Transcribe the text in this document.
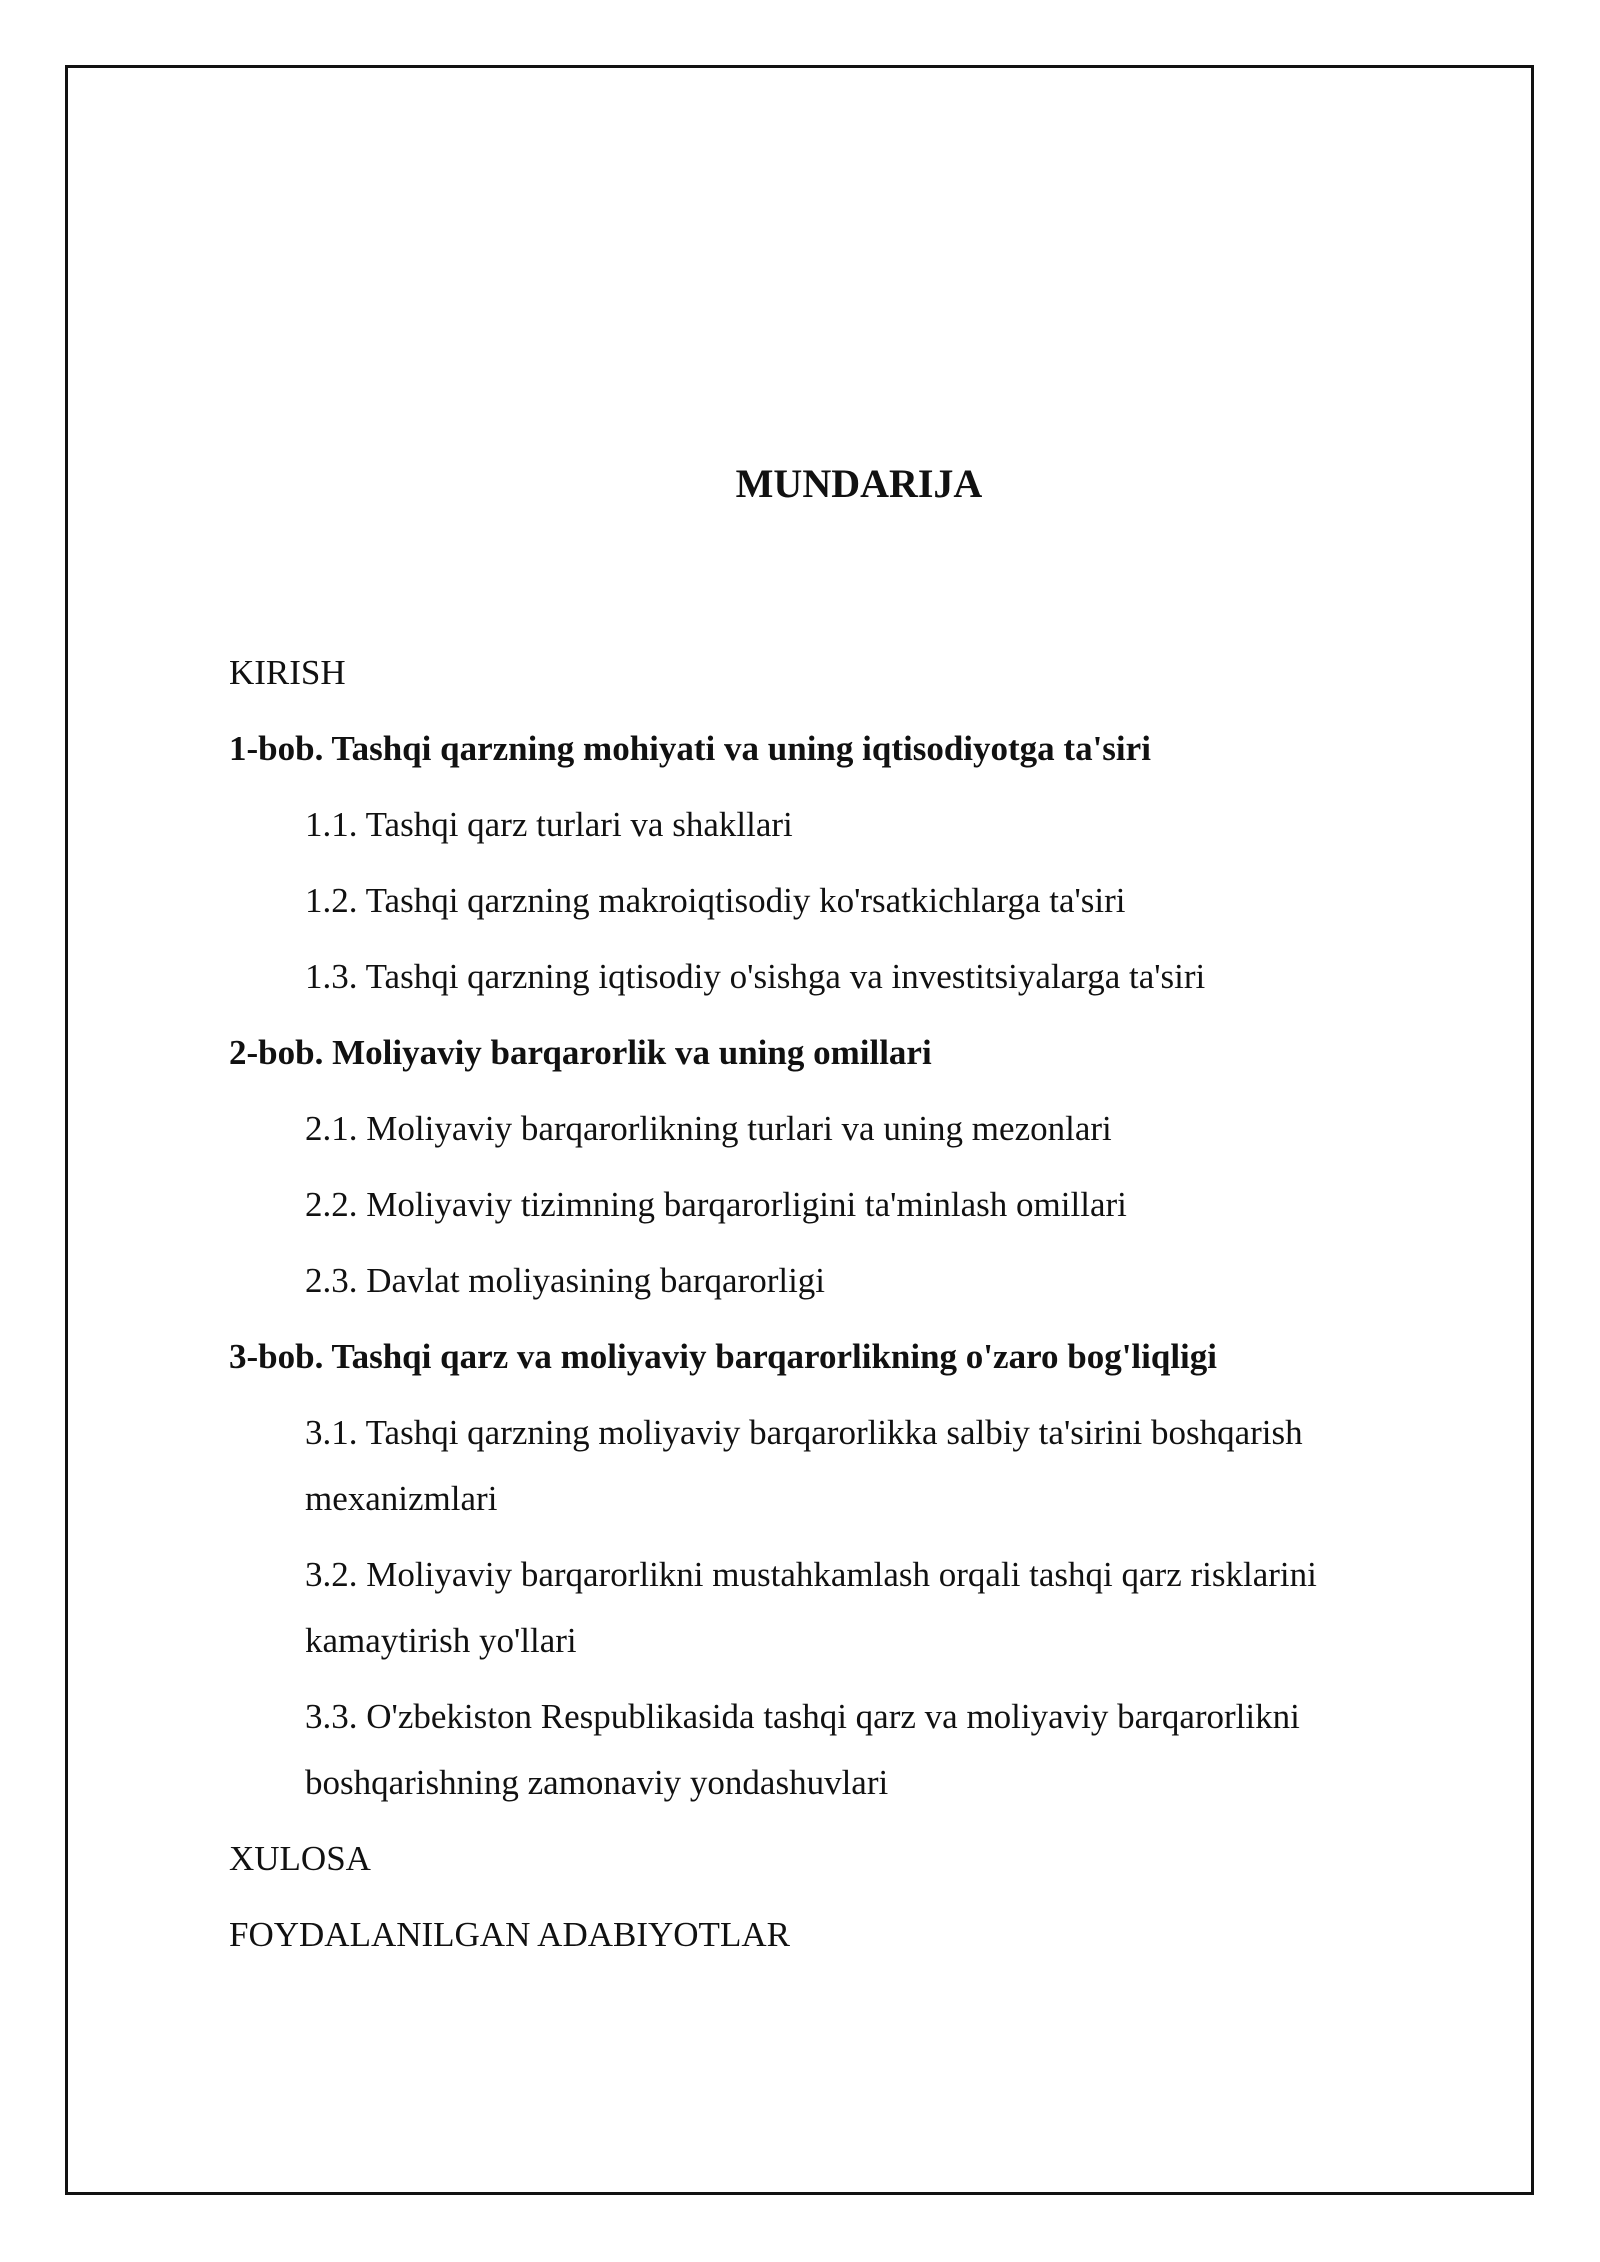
MUNDARIJA
KIRISH
1-bob. Tashqi qarzning mohiyati va uning iqtisodiyotga ta'siri
1.1. Tashqi qarz turlari va shakllari
1.2. Tashqi qarzning makroiqtisodiy ko'rsatkichlarga ta'siri
1.3. Tashqi qarzning iqtisodiy o'sishga va investitsiyalarga ta'siri
2-bob. Moliyaviy barqarorlik va uning omillari
2.1. Moliyaviy barqarorlikning turlari va uning mezonlari
2.2. Moliyaviy tizimning barqarorligini ta'minlash omillari
2.3. Davlat moliyasining barqarorligi
3-bob. Tashqi qarz va moliyaviy barqarorlikning o'zaro bog'liqligi
3.1. Tashqi qarzning moliyaviy barqarorlikka salbiy ta'sirini boshqarish mexanizmlari
3.2. Moliyaviy barqarorlikni mustahkamlash orqali tashqi qarz risklarini kamaytirish yo'llari
3.3. O'zbekiston Respublikasida tashqi qarz va moliyaviy barqarorlikni boshqarishning zamonaviy yondashuvlari
XULOSA
FOYDALANILGAN ADABIYOTLAR
